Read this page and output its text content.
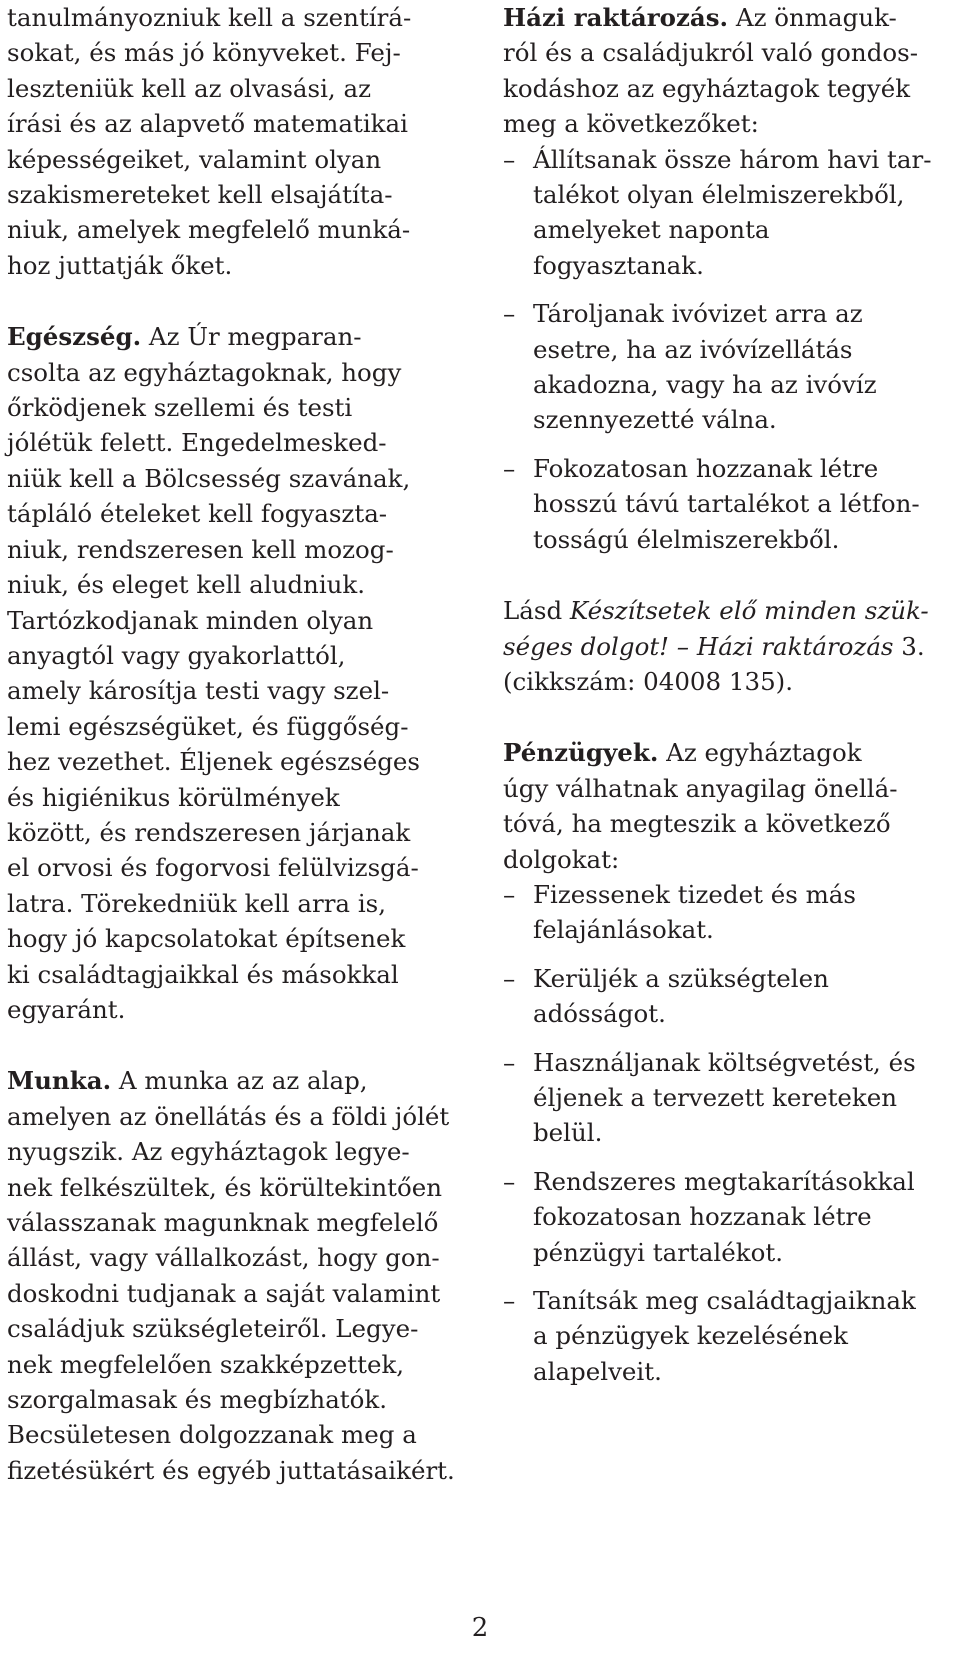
tanulmányozniuk kell a szentírá-
sokat, és más jó könyveket. Fej-
leszteniük kell az olvasási, az
írási és az alapvető matematikai
képességeiket, valamint olyan
szakismereteket kell elsajátíta-
niuk, amelyek megfelelő munká-
hoz juttatják őket.

Egészség. Az Úr megparan-
csolta az egyháztagoknak, hogy
őrködjenek szellemi és testi
jólétük felett. Engedelmesked-
niük kell a Bölcsesség szavának,
tápláló ételeket kell fogyaszta-
niuk, rendszeresen kell mozog-
niuk, és eleget kell aludniuk.
Tartózkodjanak minden olyan
anyagtól vagy gyakorlattól,
amely károsítja testi vagy szel-
lemi egészségüket, és függőség-
hez vezethet. Éljenek egészséges
és higiénikus körülmények
között, és rendszeresen járjanak
el orvosi és fogorvosi felülvizsgá-
latra. Törekedniük kell arra is,
hogy jó kapcsolatokat építsenek
ki családtagjaikkal és másokkal
egyaránt.

Munka. A munka az az alap,
amelyen az önellátás és a földi jólét
nyugszik. Az egyháztagok legye-
nek felkészültek, és körültekintően
válasszanak magunknak megfelelő
állást, vagy vállalkozást, hogy gon-
doskodni tudjanak a saját valamint
családjuk szükségleteiről. Legye-
nek megfelelően szakképzettek,
szorgalmasak és megbízhatók.
Becsületesen dolgozzanak meg a
fizetésükért és egyéb juttatásaikért.

Házi raktározás. Az önmaguk-
ról és a családjukról való gondos-
kodáshoz az egyháztagok tegyék
meg a következőket:

– Állítsanak össze három havi tar-
talékot olyan élelmiszerekből,
amelyeket naponta
fogyasztanak.
– Tároljanak ivóvizet arra az
esetre, ha az ivóvízellátás
akadozna, vagy ha az ivóvíz
szennyezetté válna.
– Fokozatosan hozzanak létre
hosszú távú tartalékot a létfon-
tosságú élelmiszerekből.

Lásd Készítsetek elő minden szük-
séges dolgot! – Házi raktározás 3.
(cikkszám: 04008 135).

Pénzügyek. Az egyháztagok
úgy válhatnak anyagilag önellá-
tóvá, ha megteszik a következő
dolgokat:

– Fizessenek tizedet és más
felajánlásokat.
– Kerüljék a szükségtelen
adósságot.
– Használjanak költségvetést, és
éljenek a tervezett kereteken
belül.
– Rendszeres megtakarításokkal
fokozatosan hozzanak létre
pénzügyi tartalékot.
– Tanítsák meg családtagjaiknak
a pénzügyek kezelésének
alapelveit.
2
